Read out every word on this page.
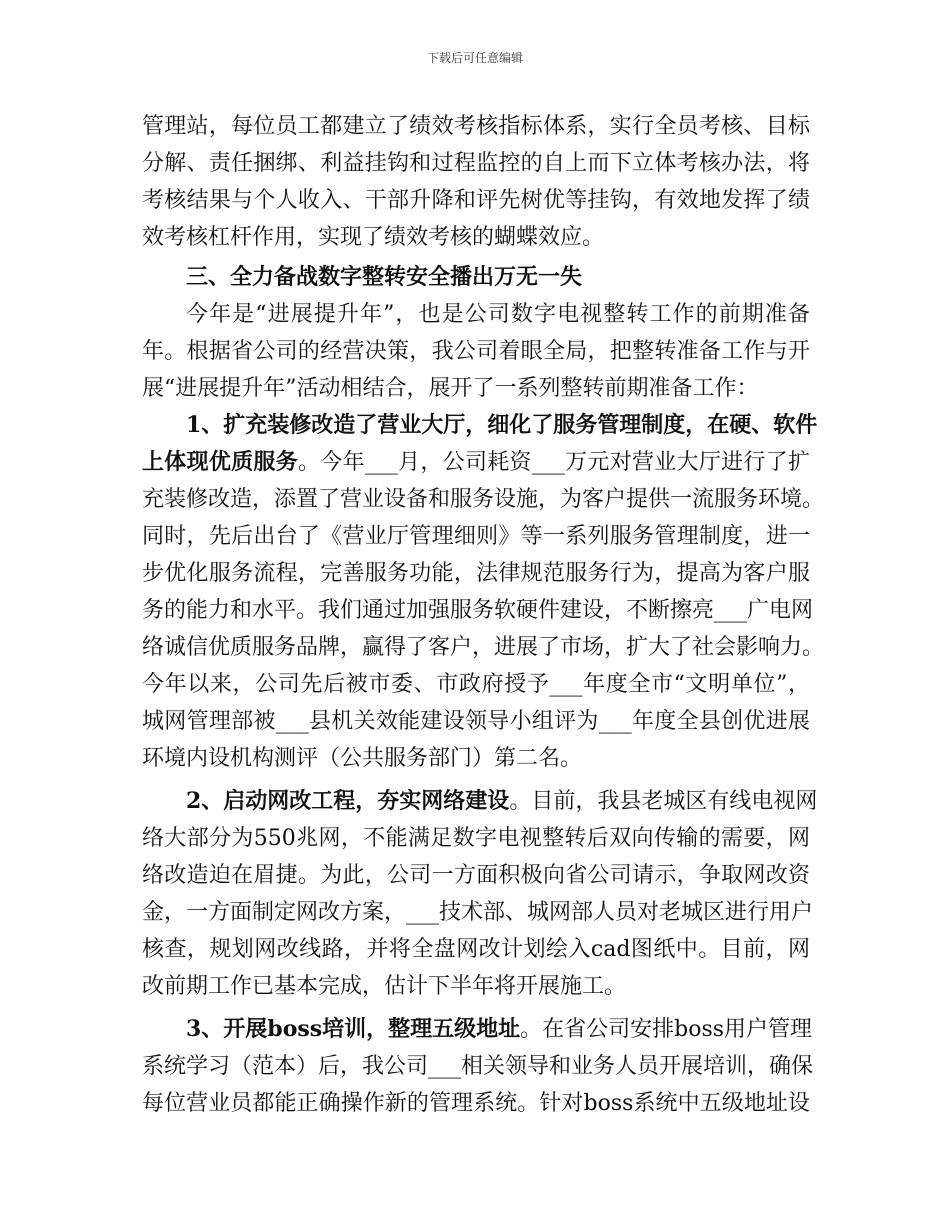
下载后可任意编辑
管理站，每位员工都建立了绩效考核指标体系，实行全员考核、目标
分解、责任捆绑、利益挂钩和过程监控的自上而下立体考核办法，将
考核结果与个人收入、干部升降和评先树优等挂钩，有效地发挥了绩
效考核杠杆作用，实现了绩效考核的蝴蝶效应。
三、全力备战数字整转安全播出万无一失
今年是“进展提升年”，也是公司数字电视整转工作的前期准备
年。根据省公司的经营决策，我公司着眼全局，把整转准备工作与开
展“进展提升年”活动相结合，展开了一系列整转前期准备工作：
1、扩充装修改造了营业大厅，细化了服务管理制度，在硬、软件
上体现优质服务。今年___月，公司耗资___万元对营业大厅进行了扩
充装修改造，添置了营业设备和服务设施，为客户提供一流服务环境。
同时，先后出台了《营业厅管理细则》等一系列服务管理制度，进一
步优化服务流程，完善服务功能，法律规范服务行为，提高为客户服
务的能力和水平。我们通过加强服务软硬件建设，不断擦亮___广电网
络诚信优质服务品牌，赢得了客户，进展了市场，扩大了社会影响力。
今年以来，公司先后被市委、市政府授予___年度全市“文明单位”，
城网管理部被___县机关效能建设领导小组评为___年度全县创优进展
环境内设机构测评（公共服务部门）第二名。
2、启动网改工程，夯实网络建设。目前，我县老城区有线电视网
络大部分为550兆网，不能满足数字电视整转后双向传输的需要，网
络改造迫在眉捷。为此，公司一方面积极向省公司请示，争取网改资
金，一方面制定网改方案，___技术部、城网部人员对老城区进行用户
核查，规划网改线路，并将全盘网改计划绘入cad图纸中。目前，网
改前期工作已基本完成，估计下半年将开展施工。
3、开展boss培训，整理五级地址。在省公司安排boss用户管理
系统学习（范本）后，我公司___相关领导和业务人员开展培训，确保
每位营业员都能正确操作新的管理系统。针对boss系统中五级地址设
